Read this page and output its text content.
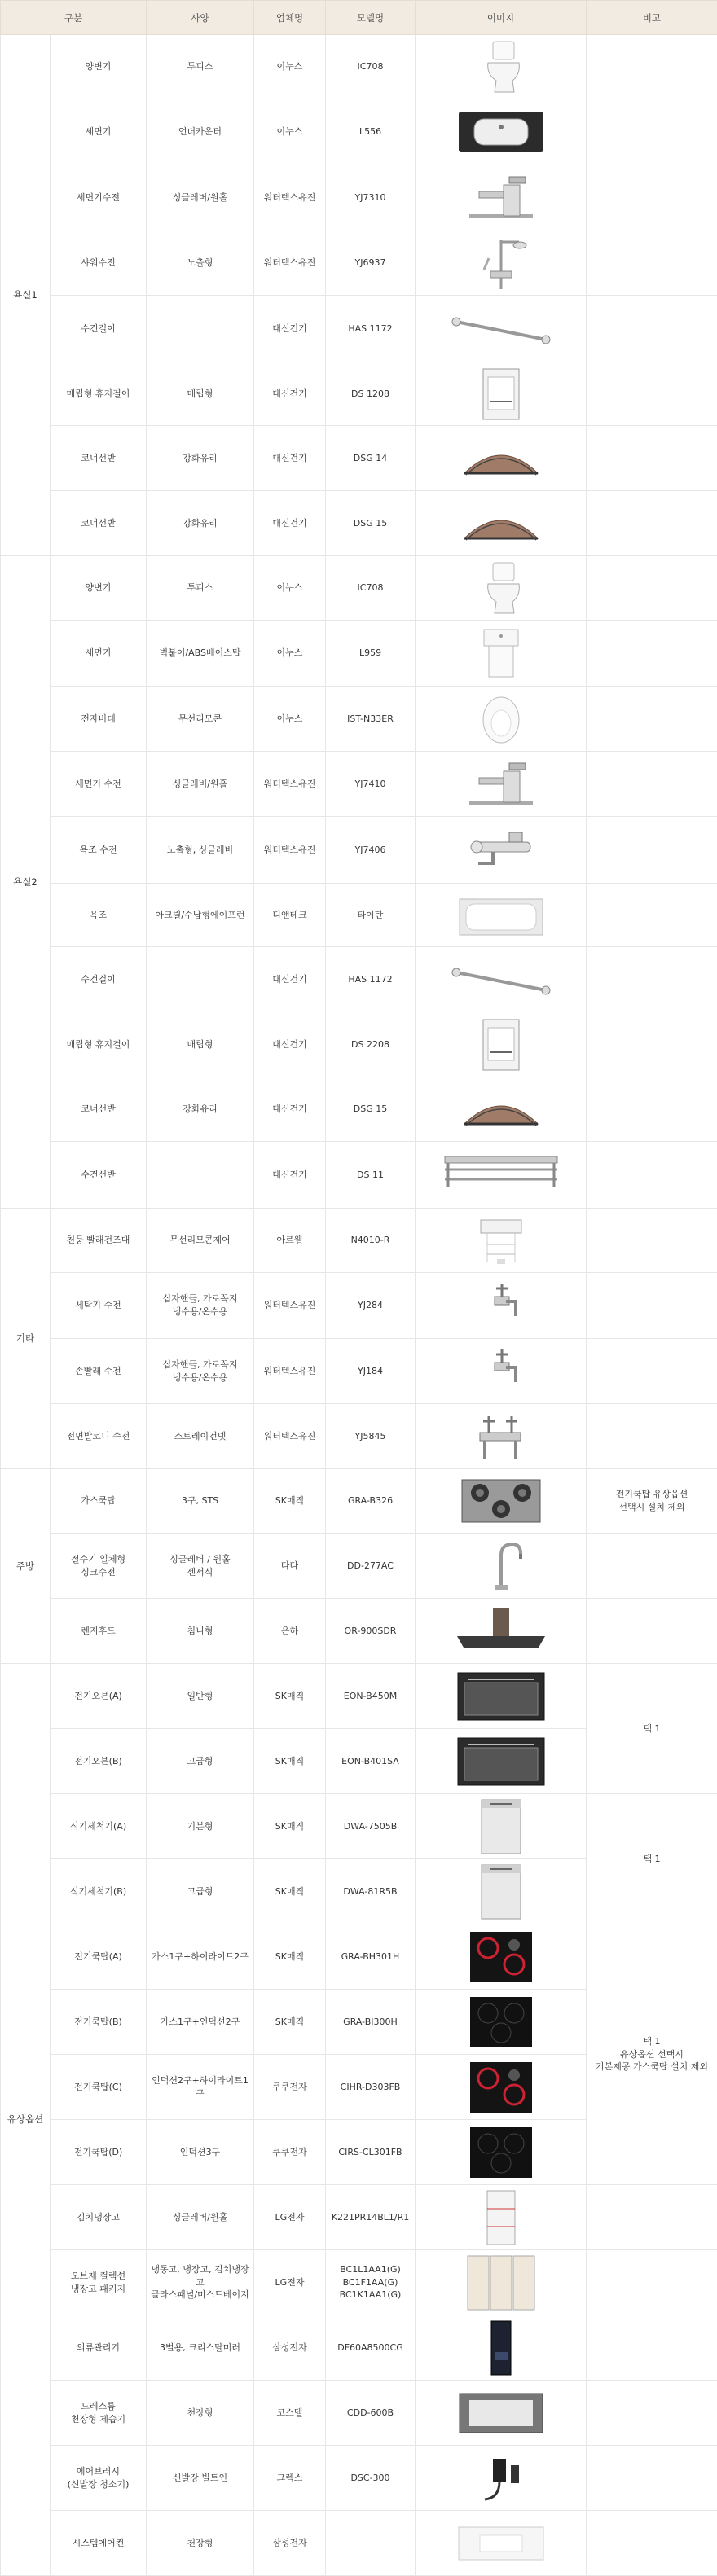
구분		사양	업체명	모델명	이미지	비고
욕실1	양변기	투피스	이누스	IC708	

	세면기	언더카운터	이누스	L556	

	세면기수전	싱글레버/원홀	워터텍스유진	YJ7310	

	샤워수전	노출형	워터텍스유진	YJ6937	

	수건걸이		대신건기	HAS 1172	

	매립형 휴지걸이	매립형	대신건기	DS 1208	

	코너선반	강화유리	대신건기	DSG 14	

	코너선반	강화유리	대신건기	DSG 15	

욕실2	양변기	투피스	이누스	IC708	

	세면기	벽붙이/ABS베이스탑	이누스	L959	

	전자비데	무선리모콘	이누스	IST-N33ER	

	세면기 수전	싱글레버/원홀	워터텍스유진	YJ7410	

	욕조 수전	노출형, 싱글레버	워터텍스유진	YJ7406	

	욕조	아크릴/수납형에이프런	디앤테크	타이탄	

	수건걸이		대신건기	HAS 1172	

	매립형 휴지걸이	매립형	대신건기	DS 2208	

	코너선반	강화유리	대신건기	DSG 15	

	수건선반		대신건기	DS 11	

기타	천둥 빨래건조대	무선리모콘제어	아르웰	N4010-R	

	세탁기 수전	십자핸들, 가로꼭지
냉수용/온수용	워터텍스유진	YJ284	

	손빨래 수전	십자핸들, 가로꼭지
냉수용/온수용	워터텍스유진	YJ184	

	전면발코니 수전	스트레이건넷	워터텍스유진	YJ5845	

주방	가스쿡탑	3구, STS	SK매직	GRA-B326		전기쿡탑 유상옵션
선택시 설치 제외
	절수기 일체형
싱크수전	싱글레버 / 원홀
센서식	다다	DD-277AC	

	렌지후드	침니형	은하	OR-900SDR	

유상옵션	전기오븐(A)	일반형	SK매직	EON-B450M		택 1
	전기오븐(B)	고급형	SK매직	EON-B401SA	

	식기세척기(A)	기본형	SK매직	DWA-7505B		택 1
	식기세척기(B)	고급형	SK매직	DWA-81R5B	

	전기쿡탑(A)	가스1구+하이라이트2구	SK매직	GRA-BH301H		택 1
유상옵션 선택시
기본제공 가스쿡탑 설치 제외
	전기쿡탑(B)	가스1구+인덕션2구	SK매직	GRA-BI300H	

	전기쿡탑(C)	인덕션2구+하이라이트1구	쿠쿠전자	CIHR-D303FB	

	전기쿡탑(D)	인덕션3구	쿠쿠전자	CIRS-CL301FB	

	김치냉장고	싱글레버/원홀	LG전자	K221PR14BL1/R1	

	오브제 컬렉션
냉장고 패키지	냉동고, 냉장고, 김치냉장고
글라스패널/미스트베이지	LG전자	BC1L1AA1(G)
BC1F1AA(G)
BC1K1AA1(G)	

	의류관리기	3벌용, 크리스탈미러	삼성전자	DF60A8500CG	

	드레스룸
천장형 제습기	천장형	코스텔	CDD-600B	

	에어브러시
(신발장 청소기)	신발장 빌트인	그렉스	DSC-300	

	시스템에어컨	천장형	삼성전자		
